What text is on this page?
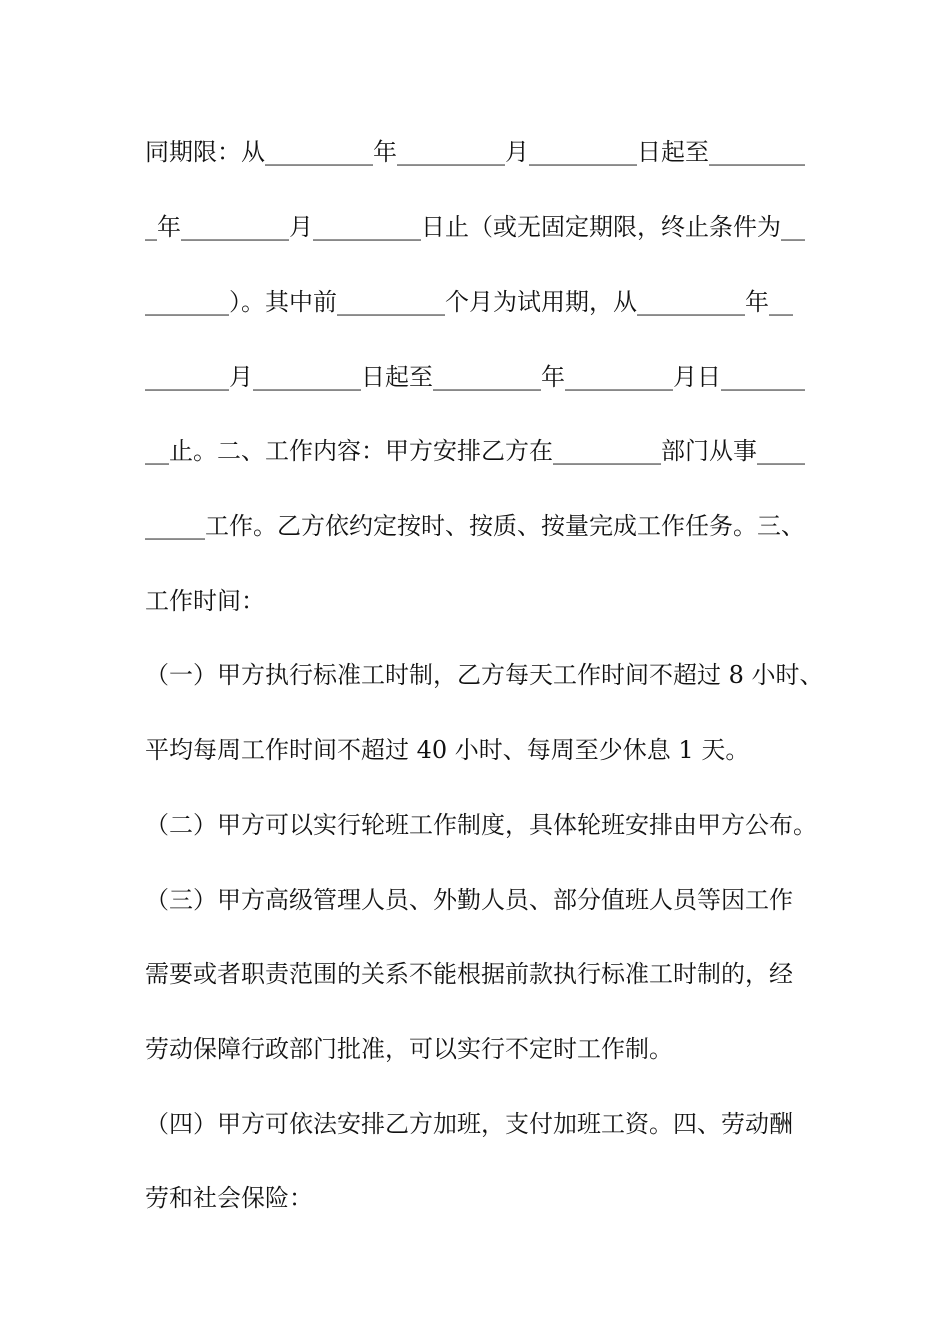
同期限：从_________年_________月_________日起至________

_年_________月_________日止（或无固定期限，终止条件为__

_______）。其中前_________个月为试用期，从_________年__

_______月_________日起至_________年_________月日_______

__止。二、工作内容：甲方安排乙方在_________部门从事____

_____工作。乙方依约定按时、按质、按量完成工作任务。三、

工作时间：

（一）甲方执行标准工时制，乙方每天工作时间不超过 8 小时、

平均每周工作时间不超过 40 小时、每周至少休息 1 天。

（二）甲方可以实行轮班工作制度，具体轮班安排由甲方公布。

（三）甲方高级管理人员、外勤人员、部分值班人员等因工作

需要或者职责范围的关系不能根据前款执行标准工时制的，经

劳动保障行政部门批准，可以实行不定时工作制。

（四）甲方可依法安排乙方加班，支付加班工资。四、劳动酬

劳和社会保险：
